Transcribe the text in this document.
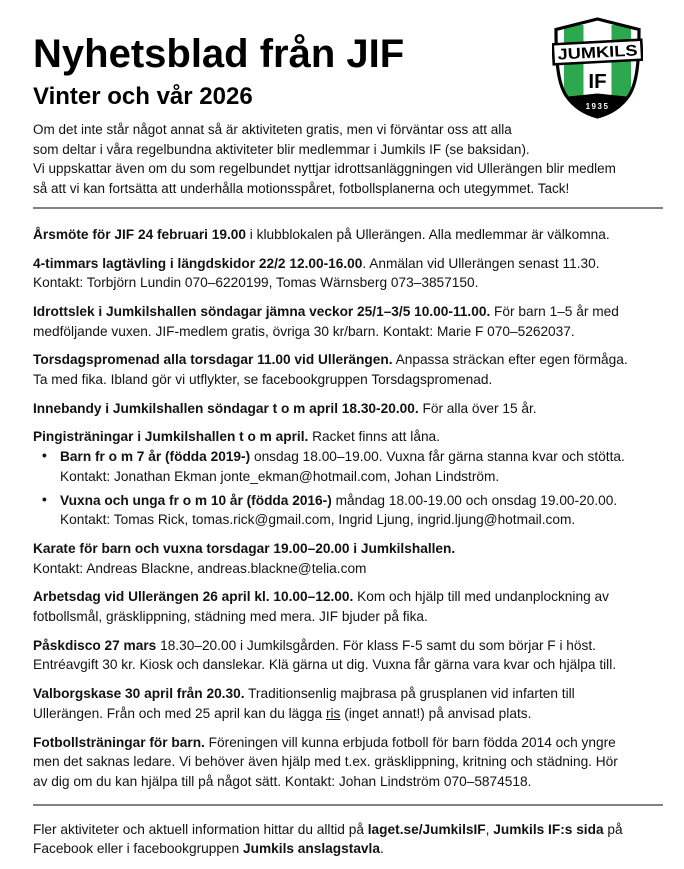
1935
IF
JUMKILS
Nyhetsblad från JIF
Vinter och vår 2026

Om det inte står något annat så är aktiviteten gratis, men vi förväntar oss att alla
som deltar i våra regelbundna aktiviteter blir medlemmar i Jumkils IF (se baksidan).
Vi uppskattar även om du som regelbundet nyttjar idrottsanläggningen vid Ullerängen blir medlem
så att vi kan fortsätta att underhålla motionsspåret, fotbollsplanerna och utegymmet. Tack!

Årsmöte för JIF 24 februari 19.00 i klubblokalen på Ullerängen. Alla medlemmar är välkomna.

4-timmars lagtävling i längdskidor 22/2 12.00-16.00. Anmälan vid Ullerängen senast 11.30.
Kontakt: Torbjörn Lundin 070–6220199, Tomas Wärnsberg 073–3857150.

Idrottslek i Jumkilshallen söndagar jämna veckor 25/1–3/5 10.00-11.00. För barn 1–5 år med
medföljande vuxen. JIF-medlem gratis, övriga 30 kr/barn. Kontakt: Marie F 070–5262037.

Torsdagspromenad alla torsdagar 11.00 vid Ullerängen. Anpassa sträckan efter egen förmåga.
Ta med fika. Ibland gör vi utflykter, se facebookgruppen Torsdagspromenad.

Innebandy i Jumkilshallen söndagar t o m april 18.30-20.00. För alla över 15 år.

Pingisträningar i Jumkilshallen t o m april. Racket finns att låna.

• Barn fr o m 7 år (födda 2019-) onsdag 18.00–19.00. Vuxna får gärna stanna kvar och stötta.
Kontakt: Jonathan Ekman jonte_ekman@hotmail.com, Johan Lindström.
• Vuxna och unga fr o m 10 år (födda 2016-) måndag 18.00-19.00 och onsdag 19.00-20.00.
Kontakt: Tomas Rick, tomas.rick@gmail.com, Ingrid Ljung, ingrid.ljung@hotmail.com.

Karate för barn och vuxna torsdagar 19.00–20.00 i Jumkilshallen.
Kontakt: Andreas Blackne, andreas.blackne@telia.com

Arbetsdag vid Ullerängen 26 april kl. 10.00–12.00. Kom och hjälp till med undanplockning av
fotbollsmål, gräsklippning, städning med mera. JIF bjuder på fika.

Påskdisco 27 mars 18.30–20.00 i Jumkilsgården. För klass F-5 samt du som börjar F i höst.
Entréavgift 30 kr. Kiosk och danslekar. Klä gärna ut dig. Vuxna får gärna vara kvar och hjälpa till.

Valborgskase 30 april från 20.30. Traditionsenlig majbrasa på grusplanen vid infarten till
Ullerängen. Från och med 25 april kan du lägga ris (inget annat!) på anvisad plats.

Fotbollsträningar för barn. Föreningen vill kunna erbjuda fotboll för barn födda 2014 och yngre
men det saknas ledare. Vi behöver även hjälp med t.ex. gräsklippning, kritning och städning. Hör
av dig om du kan hjälpa till på något sätt. Kontakt: Johan Lindström 070–5874518.

Fler aktiviteter och aktuell information hittar du alltid på laget.se/JumkilsIF, Jumkils IF:s sida på
Facebook eller i facebookgruppen Jumkils anslagstavla.
